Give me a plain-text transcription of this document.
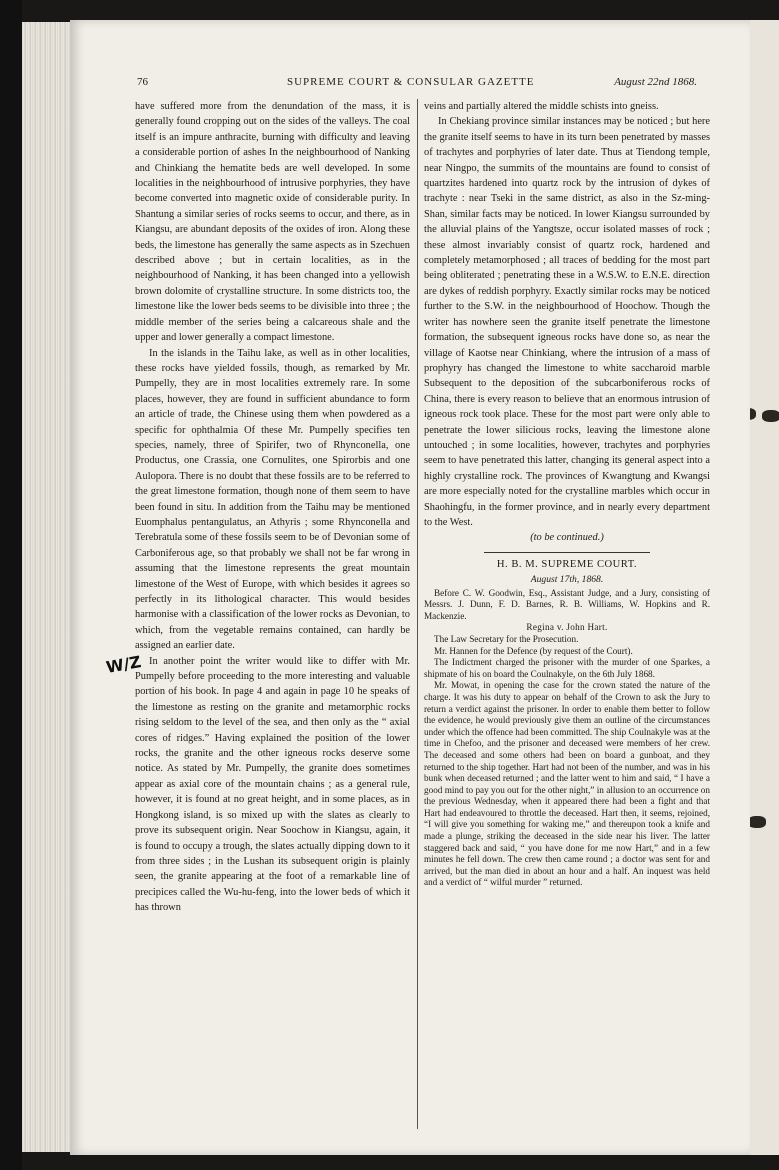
76	SUPREME COURT & CONSULAR GAZETTE	August 22nd 1868.
W/Z

have suffered more from the denundation of the mass, it is generally found cropping out on the sides of the valleys. The coal itself is an impure anthracite, burning with difficulty and leaving a considerable portion of ashes In the neighbourhood of Nanking and Chinkiang the hematite beds are well developed. In some localities in the neighbourhood of intrusive porphyries, they have become converted into magnetic oxide of considerable purity. In Shantung a similar series of rocks seems to occur, and there, as in Kiangsu, are abundant deposits of the oxides of iron. Along these beds, the limestone has generally the same aspects as in Szechuen described above ; but in certain localities, as in the neighbourhood of Nanking, it has been changed into a yellowish brown dolomite of crystalline structure. In some districts too, the limestone like the lower beds seems to be divisible into three ; the middle member of the series being a calcareous shale and the upper and lower generally a compact limestone.

In the islands in the Taihu lake, as well as in other localities, these rocks have yielded fossils, though, as remarked by Mr. Pumpelly, they are in most localities extremely rare. In some places, however, they are found in sufficient abundance to form an article of trade, the Chinese using them when powdered as a specific for ophthalmia Of these Mr. Pumpelly specifies ten species, namely, three of Spirifer, two of Rhynconella, one Productus, one Crassia, one Cornulites, one Spirorbis and one Aulopora. There is no doubt that these fossils are to be referred to the great limestone formation, though none of them seem to have been found in situ. In addition from the Taihu may be mentioned Euomphalus pentangulatus, an Athyris ; some Rhynconella and Terebratula some of these fossils seem to be of Devonian some of Carboniferous age, so that probably we shall not be far wrong in assuming that the limestone represents the great mountain limestone of the West of Europe, with which besides it agrees so perfectly in its lithological character. This would besides harmonise with a classification of the lower rocks as Devonian, to which, from the vegetable remains contained, can hardly be assigned an earlier date.

In another point the writer would like to differ with Mr. Pumpelly before proceeding to the more interesting and valuable portion of his book. In page 4 and again in page 10 he speaks of the limestone as resting on the granite and metamorphic rocks rising seldom to the level of the sea, and then only as the “ axial cores of ridges.” Having explained the position of the lower rocks, the granite and the other igneous rocks deserve some notice. As stated by Mr. Pumpelly, the granite does sometimes appear as axial core of the mountain chains ; as a general rule, however, it is found at no great height, and in some places, as in Hongkong island, is so mixed up with the slates as clearly to prove its subsequent origin. Near Soochow in Kiangsu, again, it is found to occupy a trough, the slates actually dipping down to it from three sides ; in the Lushan its subsequent origin is plainly seen, the granite appearing at the foot of a remarkable line of precipices called the Wu-hu-feng, into the lower beds of which it has thrown

veins and partially altered the middle schists into gneiss.

In Chekiang province similar instances may be noticed ; but here the granite itself seems to have in its turn been penetrated by masses of trachytes and porphyries of later date. Thus at Tiendong temple, near Ningpo, the summits of the mountains are found to consist of quartzites hardened into quartz rock by the intrusion of dykes of trachyte : near Tseki in the same district, as also in the Sz-ming-Shan, similar facts may be noticed. In lower Kiangsu surrounded by the alluvial plains of the Yangtsze, occur isolated masses of rock ; these almost invariably consist of quartz rock, hardened and completely metamorphosed ; all traces of bedding for the most part being obliterated ; penetrating these in a W.S.W. to E.N.E. direction are dykes of reddish porphyry. Exactly similar rocks may be noticed further to the S.W. in the neighbourhood of Hoochow. Though the writer has nowhere seen the granite itself penetrate the limestone formation, the subsequent igneous rocks have done so, as near the village of Kaotse near Chinkiang, where the intrusion of a mass of prophyry has changed the limestone to white saccharoid marble Subsequent to the deposition of the subcarboniferous rocks of China, there is every reason to believe that an enormous intrusion of igneous rock took place. These for the most part were only able to penetrate the lower silicious rocks, leaving the limestone alone untouched ; in some localities, however, trachytes and porphyries seem to have penetrated this latter, changing its general aspect into a highly crystalline rock. The provinces of Kwangtung and Kwangsi are more especially noted for the crystalline marbles which occur in Shaohingfu, in the former province, and in nearly every department to the West.

(to be continued.)

H. B. M. SUPREME COURT.

August 17th, 1868.

Before C. W. Goodwin, Esq., Assistant Judge, and a Jury, consisting of Messrs. J. Dunn, F. D. Barnes, R. B. Williams, W. Hopkins and R. Mackenzie.

Regina v. John Hart.

The Law Secretary for the Prosecution.

Mr. Hannen for the Defence (by request of the Court).

The Indictment charged the prisoner with the murder of one Sparkes, a shipmate of his on board the Coulnakyle, on the 6th July 1868.

Mr. Mowat, in opening the case for the crown stated the nature of the charge. It was his duty to appear on behalf of the Crown to ask the Jury to return a verdict against the prisoner. In order to enable them better to follow the evidence, he would previously give them an outline of the circumstances under which the offence had been committed. The ship Coulnakyle was at the time in Chefoo, and the prisoner and deceased were members of her crew. The deceased and some others had been on board a gunboat, and they returned to the ship together. Hart had not been of the number, and was in his bunk when deceased returned ; and the latter went to him and said, “ I have a good mind to pay you out for the other night,” in allusion to an occurrence on the previous Wednesday, when it appeared there had been a fight and that Hart had endeavoured to throttle the deceased. Hart then, it seems, rejoined, “I will give you something for waking me,” and thereupon took a knife and made a plunge, striking the deceased in the side near his liver. The latter staggered back and said, “ you have done for me now Hart,” and in a few minutes he fell down. The crew then came round ; a doctor was sent for and arrived, but the man died in about an hour and a half. An inquest was held and a verdict of “ wilful murder ” returned.
